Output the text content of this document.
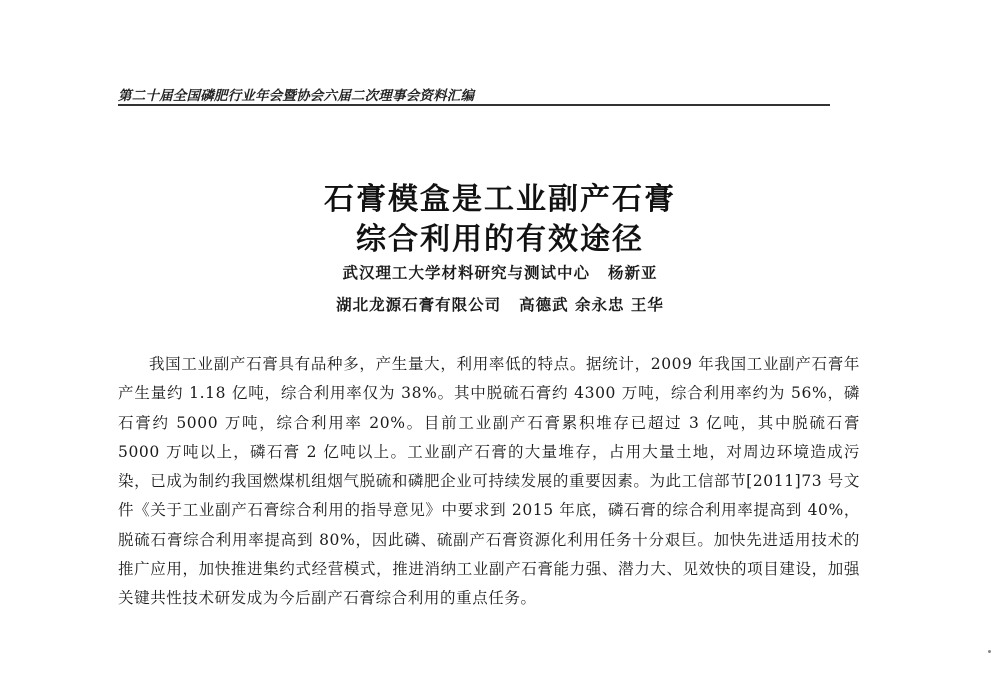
第二十届全国磷肥行业年会暨协会六届二次理事会资料汇编
石膏模盒是工业副产石膏
综合利用的有效途径
武汉理工大学材料研究与测试中心 杨新亚
湖北龙源石膏有限公司 高德武 余永忠 王华
我国工业副产石膏具有品种多，产生量大，利用率低的特点。据统计，2009 年我国工业副产石膏年产生量约 1.18 亿吨，综合利用率仅为 38%。其中脱硫石膏约 4300 万吨，综合利用率约为 56%，磷石膏约 5000 万吨，综合利用率 20%。目前工业副产石膏累积堆存已超过 3 亿吨，其中脱硫石膏 5000 万吨以上，磷石膏 2 亿吨以上。工业副产石膏的大量堆存，占用大量土地，对周边环境造成污染，已成为制约我国燃煤机组烟气脱硫和磷肥企业可持续发展的重要因素。为此工信部节[2011]73 号文件《关于工业副产石膏综合利用的指导意见》中要求到 2015 年底，磷石膏的综合利用率提高到 40%，脱硫石膏综合利用率提高到 80%，因此磷、硫副产石膏资源化利用任务十分艰巨。加快先进适用技术的推广应用，加快推进集约式经营模式，推进消纳工业副产石膏能力强、潜力大、见效快的项目建设，加强关键共性技术研发成为今后副产石膏综合利用的重点任务。
